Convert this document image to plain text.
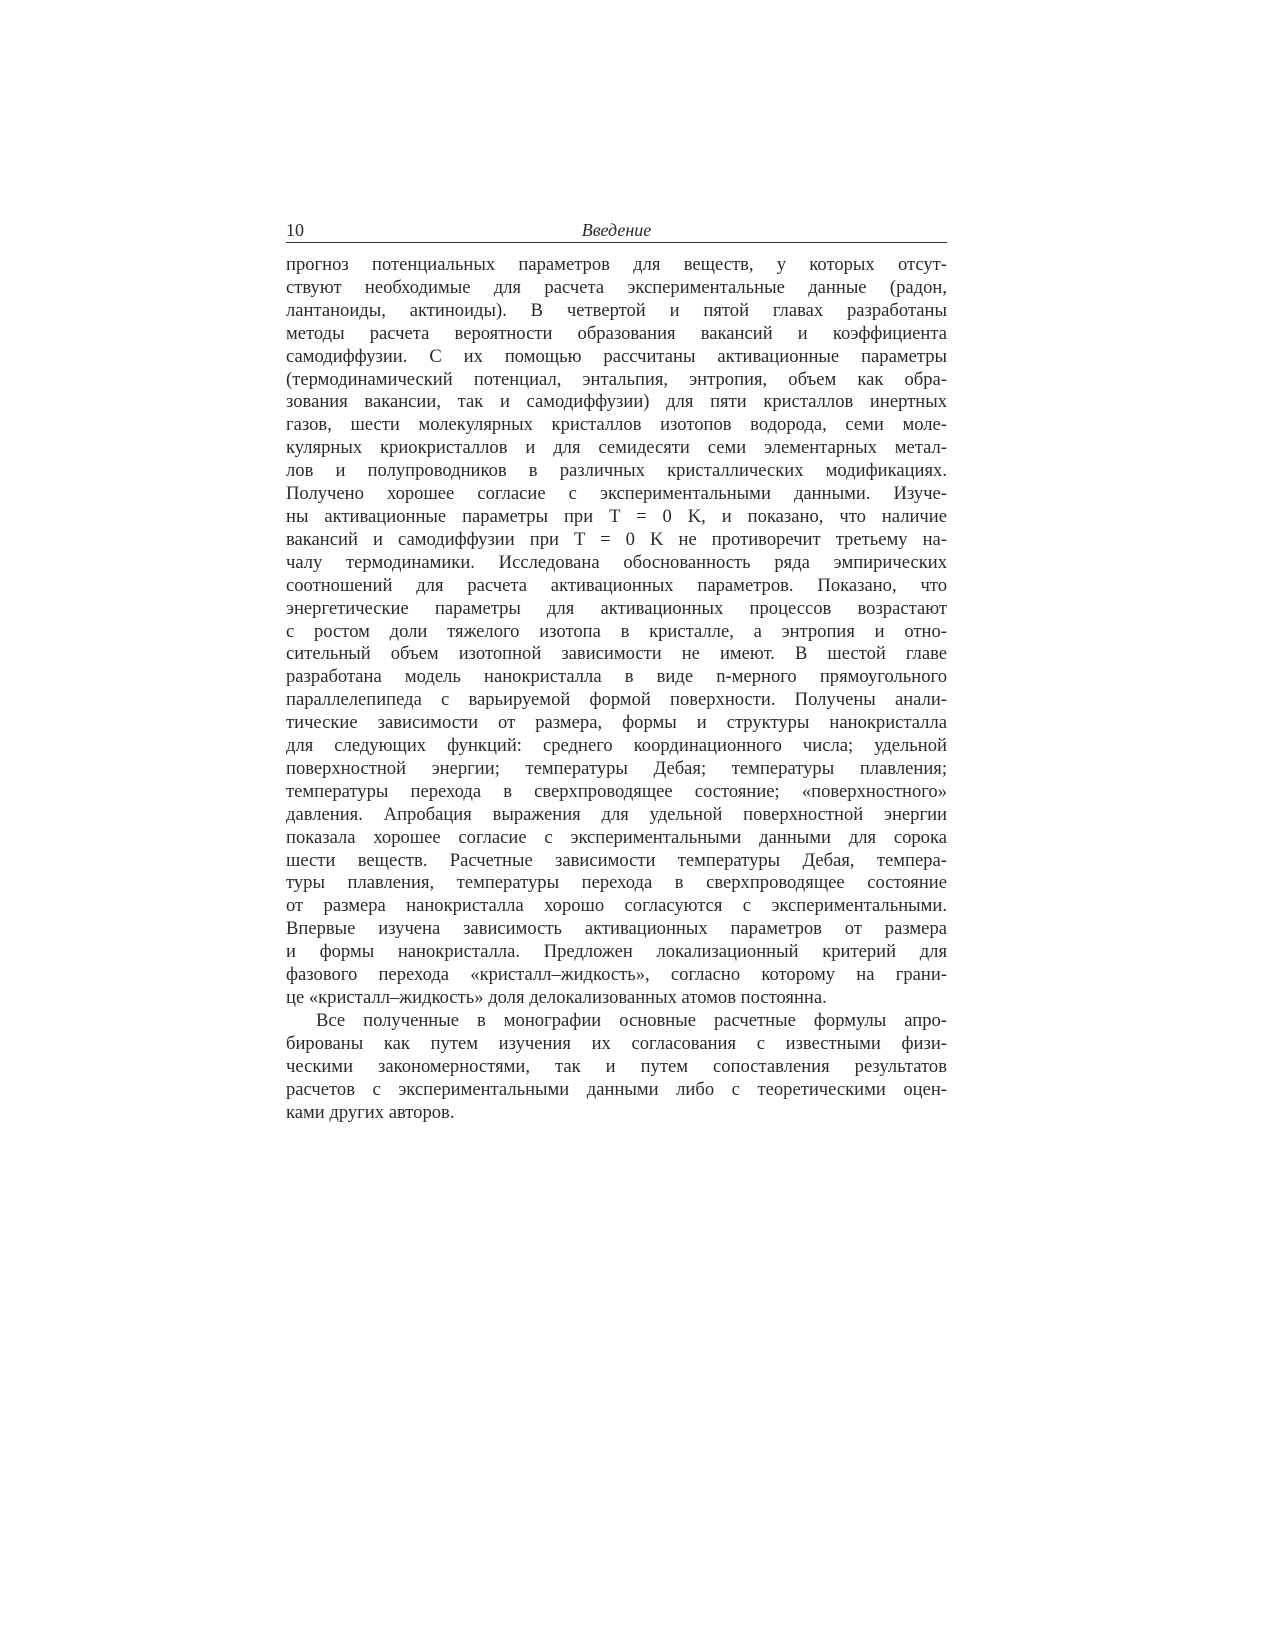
10	Введение
прогноз потенциальных параметров для веществ, у которых отсут-
ствуют необходимые для расчета экспериментальные данные (радон,
лантаноиды, актиноиды). В четвертой и пятой главах разработаны
методы расчета вероятности образования вакансий и коэффициента
самодиффузии. С их помощью рассчитаны активационные параметры
(термодинамический потенциал, энтальпия, энтропия, объем как обра-
зования вакансии, так и самодиффузии) для пяти кристаллов инертных
газов, шести молекулярных кристаллов изотопов водорода, семи моле-
кулярных криокристаллов и для семидесяти семи элементарных метал-
лов и полупроводников в различных кристаллических модификациях.
Получено хорошее согласие с экспериментальными данными. Изучe-
ны активационные параметры при T = 0 K, и показано, что наличие
вакансий и самодиффузии при T = 0 K не противоречит третьему на-
чалу термодинамики. Исследована обоснованность ряда эмпирических
соотношений для расчета активационных параметров. Показано, что
энергетические параметры для активационных процессов возрастают
с ростом доли тяжелого изотопа в кристалле, а энтропия и отно-
сительный объем изотопной зависимости не имеют. В шестой главе
разработана модель нанокристалла в виде n-мерного прямоугольного
параллелепипеда с варьируемой формой поверхности. Получены анали-
тические зависимости от размера, формы и структуры нанокристалла
для следующих функций: среднего координационного числа; удельной
поверхностной энергии; температуры Дебая; температуры плавления;
температуры перехода в сверхпроводящее состояние; «поверхностного»
давления. Апробация выражения для удельной поверхностной энергии
показала хорошее согласие с экспериментальными данными для сорока
шести веществ. Расчетные зависимости температуры Дебая, темпера-
туры плавления, температуры перехода в сверхпроводящее состояние
от размера нанокристалла хорошо согласуются с экспериментальными.
Впервые изучена зависимость активационных параметров от размера
и формы нанокристалла. Предложен локализационный критерий для
фазового перехода «кристалл–жидкость», согласно которому на грани-
це «кристалл–жидкость» доля делокализованных атомов постоянна.
Все полученные в монографии основные расчетные формулы апро-
бированы как путем изучения их согласования с известными физи-
ческими закономерностями, так и путем сопоставления результатов
расчетов с экспериментальными данными либо с теоретическими оцен-
ками других авторов.
